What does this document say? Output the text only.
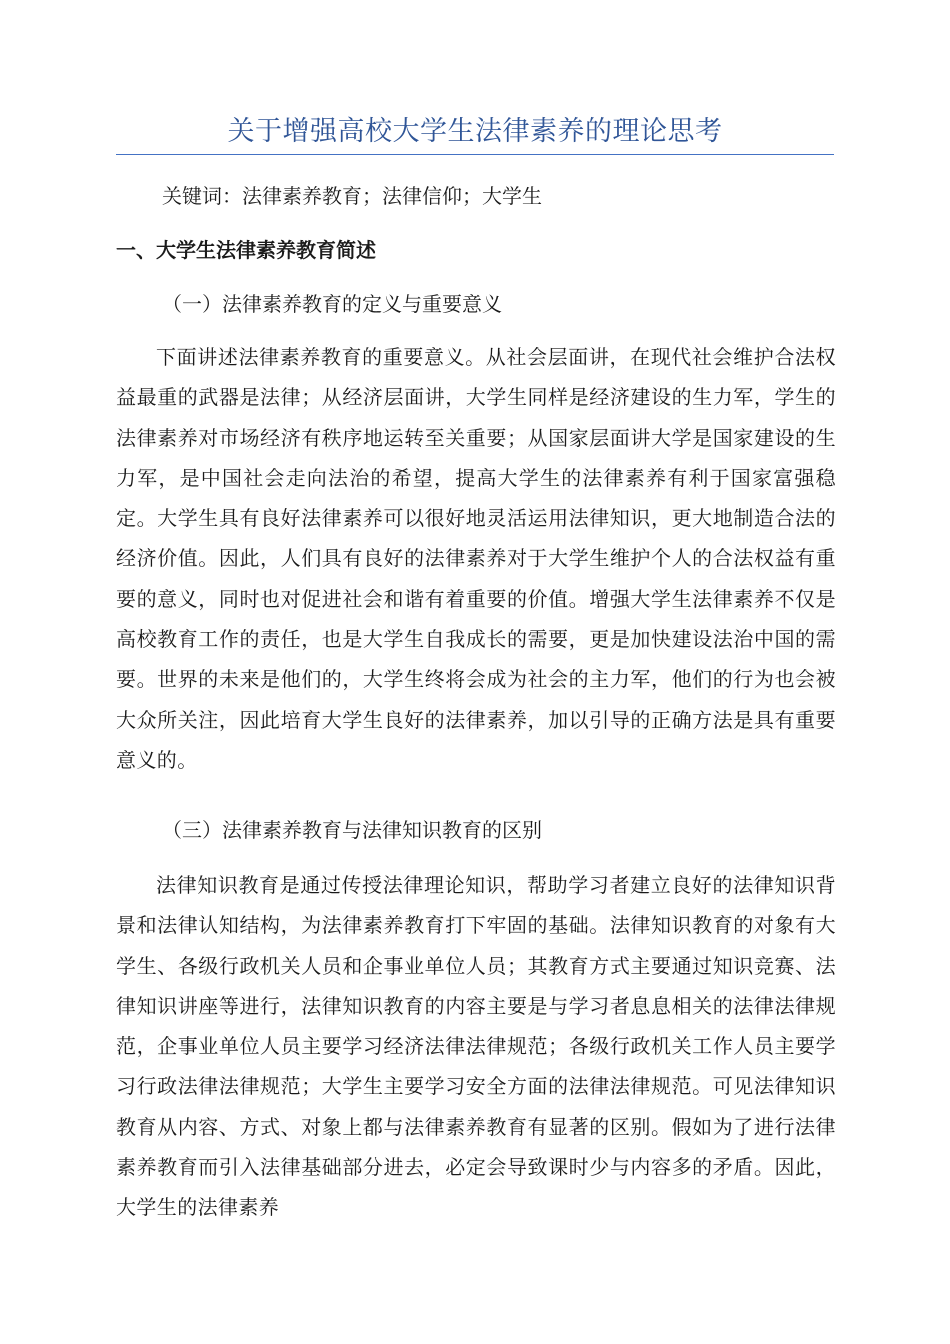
关于增强高校大学生法律素养的理论思考
关键词：法律素养教育；法律信仰；大学生
一、大学生法律素养教育简述
（一）法律素养教育的定义与重要意义
下面讲述法律素养教育的重要意义。从社会层面讲，在现代社会维护合法权益最重的武器是法律；从经济层面讲，大学生同样是经济建设的生力军，学生的法律素养对市场经济有秩序地运转至关重要；从国家层面讲大学是国家建设的生力军，是中国社会走向法治的希望，提高大学生的法律素养有利于国家富强稳定。大学生具有良好法律素养可以很好地灵活运用法律知识，更大地制造合法的经济价值。因此，人们具有良好的法律素养对于大学生维护个人的合法权益有重要的意义，同时也对促进社会和谐有着重要的价值。增强大学生法律素养不仅是高校教育工作的责任，也是大学生自我成长的需要，更是加快建设法治中国的需要。世界的未来是他们的，大学生终将会成为社会的主力军，他们的行为也会被大众所关注，因此培育大学生良好的法律素养，加以引导的正确方法是具有重要意义的。
（三）法律素养教育与法律知识教育的区别
法律知识教育是通过传授法律理论知识，帮助学习者建立良好的法律知识背景和法律认知结构，为法律素养教育打下牢固的基础。法律知识教育的对象有大学生、各级行政机关人员和企事业单位人员；其教育方式主要通过知识竞赛、法律知识讲座等进行，法律知识教育的内容主要是与学习者息息相关的法律法律规范，企事业单位人员主要学习经济法律法律规范；各级行政机关工作人员主要学习行政法律法律规范；大学生主要学习安全方面的法律法律规范。可见法律知识教育从内容、方式、对象上都与法律素养教育有显著的区别。假如为了进行法律素养教育而引入法律基础部分进去，必定会导致课时少与内容多的矛盾。因此，大学生的法律素养
